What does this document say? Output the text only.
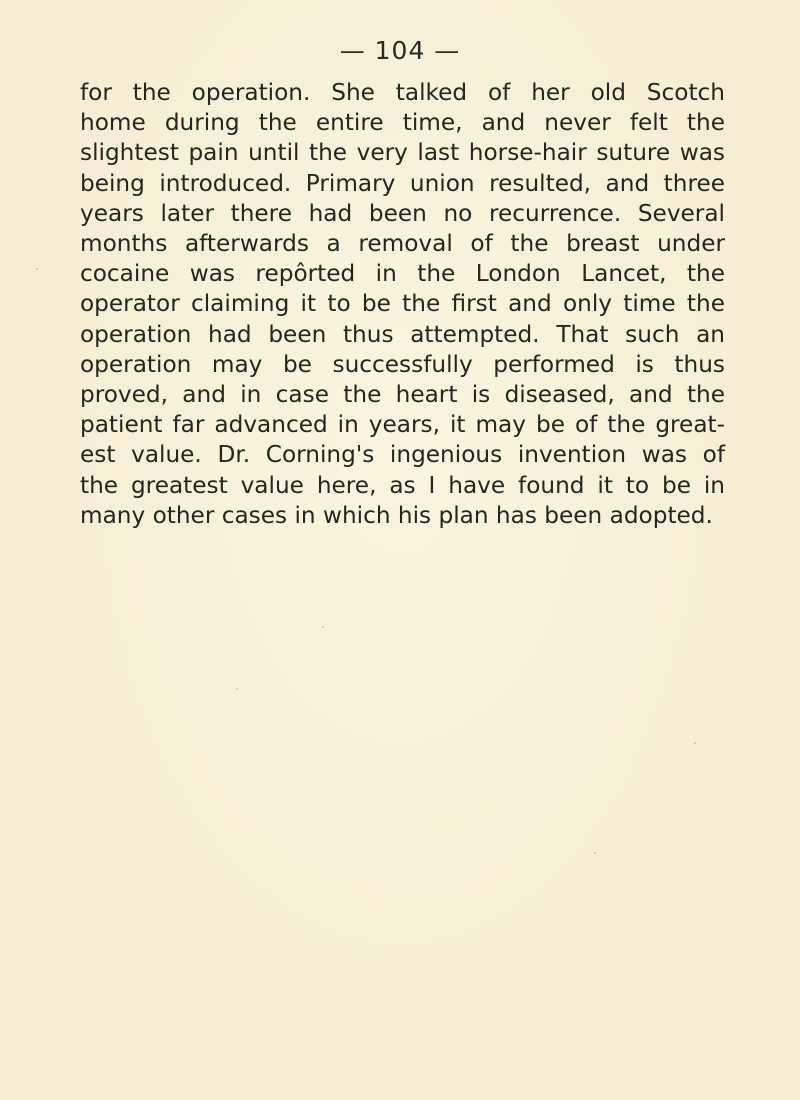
— 104 —
for the operation. She talked of her old Scotch
home during the entire time, and never felt the
slightest pain until the very last horse-hair suture was
being introduced. Primary union resulted, and three
years later there had been no recurrence. Several
months afterwards a removal of the breast under
cocaine was repôrted in the London Lancet, the
operator claiming it to be the first and only time the
operation had been thus attempted. That such an
operation may be successfully performed is thus
proved, and in case the heart is diseased, and the
patient far advanced in years, it may be of the great-
est value. Dr. Corning's ingenious invention was of
the greatest value here, as I have found it to be in
many other cases in which his plan has been adopted.
